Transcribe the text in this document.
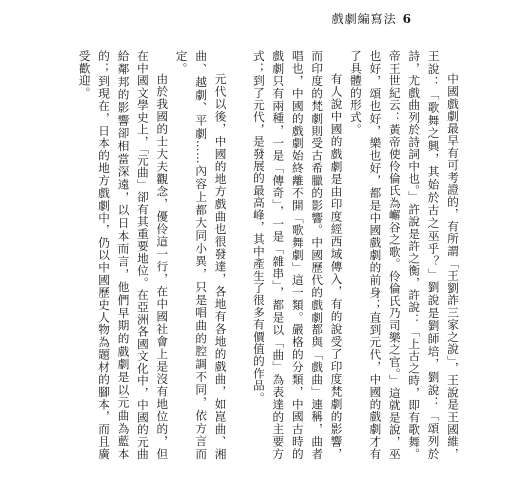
戲劇編寫法 6

中國戲劇最早有可考證的，有所謂「王劉詐三家之說」，王說是王國維，王說：「歌舞之興，其始於古之巫乎？」劉說是劉師培，劉說：「頌列於詩，尤戲曲列於詩詞中也。」許說是許之衡，許說：「上古之時，即有歌舞。帝王世紀云：黃帝使伶倫氏為嶰谷之歌。伶倫氏乃司樂之官。」這就是說，巫也好，頌也好，樂也好，都是中國戲劇的前身；直到元代，中國的戲劇才有了具體的形式。

有人說中國的戲劇是由印度經西域傳入，有的說受了印度梵劇的影響，而印度的梵劇則受古希臘的影響。中國歷代的戲劇都與「戲曲」連稱，曲者唱也，中國的戲劇始終離不開「歌舞劇」這一類。嚴格的分類，中國古時的戲劇只有兩種，一是「傳奇」，一是「雜串」，都是以「曲」為表達的主要方式；到了元代，是發展的最高峰，其中產生了很多有價值的作品。

元代以後，中國的地方戲曲也很發達，各地有各地的戲曲，如崑曲、湘曲、越劇、平劇……內容上都大同小異，只是唱曲的腔調不同，依方言而定。

由於我國的士大夫觀念，優伶這一行，在中國社會上是沒有地位的，但在中國文學史上，「元曲」卻有其重要地位。在亞洲各國文化中，中國的元曲給鄰邦的影響卻相當深遠，以日本而言，他們早期的戲劇是以元曲為藍本的；到現在，日本的地方戲劇中，仍以中國歷史人物為題材的腳本，而且廣受歡迎。
